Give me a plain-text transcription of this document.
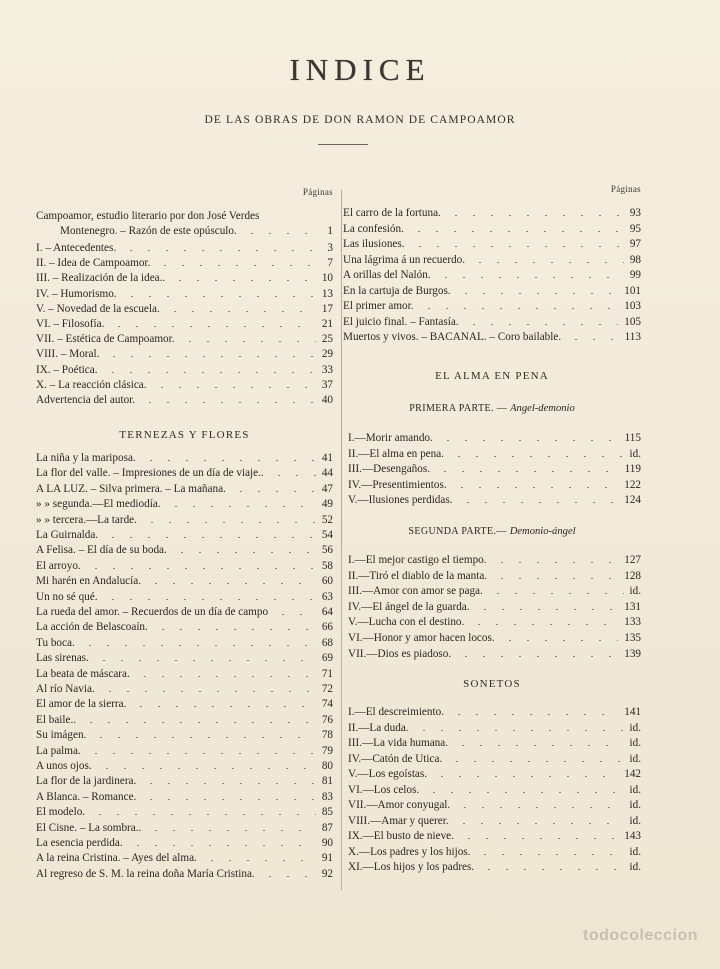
INDICE
DE LAS OBRAS DE DON RAMON DE CAMPOAMOR
Páginas
Campoamor, estudio literario por don José Verdes
Montenegro. – Razón de este opúsculo.	1
I. – Antecedentes.	3
II. – Idea de Campoamor.	7
III. – Realización de la idea..	10
IV. – Humorismo.	13
V. – Novedad de la escuela.	17
VI. – Filosofía.	21
VII. – Estética de Campoamor.	25
VIII. – Moral.	29
IX. – Poética.	33
X. – La reacción clásica.	37
Advertencia del autor.	40
TERNEZAS Y FLORES
La niña y la mariposa.	41
La flor del valle. – Impresiones de un día de viaje..	44
A LA LUZ. – Silva primera. – La mañana.	47
» » segunda.—El mediodía.	49
» » tercera.—La tarde.	52
La Guirnalda.	54
A Felisa. – El día de su boda.	56
El arroyo.	58
Mi harén en Andalucía.	60
Un no sé qué.	63
La rueda del amor. – Recuerdos de un día de campo	64
La acción de Belascoaín.	66
Tu boca.	68
Las sirenas.	69
La beata de máscara.	71
Al río Navia.	72
El amor de la sierra.	74
El baile..	76
Su imágen.	78
La palma.	79
A unos ojos.	80
La flor de la jardinera.	81
A Blanca. – Romance.	83
El modelo.	85
El Cisne. – La sombra..	87
La esencia perdida.	90
A la reina Cristina. – Ayes del alma.	91
Al regreso de S. M. la reina doña María Cristina.	92
Páginas
El carro de la fortuna.	93
La confesión.	95
Las ilusiones.	97
Una lágrima á un recuerdo.	98
A orillas del Nalón.	99
En la cartuja de Burgos.	101
El primer amor.	103
El juicio final. – Fantasía.	105
Muertos y vivos. – BACANAL. – Coro bailable.	113
EL ALMA EN PENA
PRIMERA PARTE. — Angel-demonio
I.—Morir amando.	115
II.—El alma en pena.	id.
III.—Desengaños.	119
IV.—Presentimientos.	122
V.—Ilusiones perdidas.	124
SEGUNDA PARTE.— Demonio-ángel
I.—El mejor castigo el tiempo.	127
II.—Tiró el diablo de la manta.	128
III.—Amor con amor se paga.	id.
IV.—El ángel de la guarda.	131
V.—Lucha con el destino.	133
VI.—Honor y amor hacen locos.	135
VII.—Dios es piadoso.	139
SONETOS
I.—El descreimiento.	141
II.—La duda.	id.
III.—La vida humana.	id.
IV.—Catón de Utica.	id.
V.—Los egoístas.	142
VI.—Los celos.	id.
VII.—Amor conyugal.	id.
VIII.—Amar y querer.	id.
IX.—El busto de nieve.	143
X.—Los padres y los hijos.	id.
XI.—Los hijos y los padres.	id.
todocoleccion
